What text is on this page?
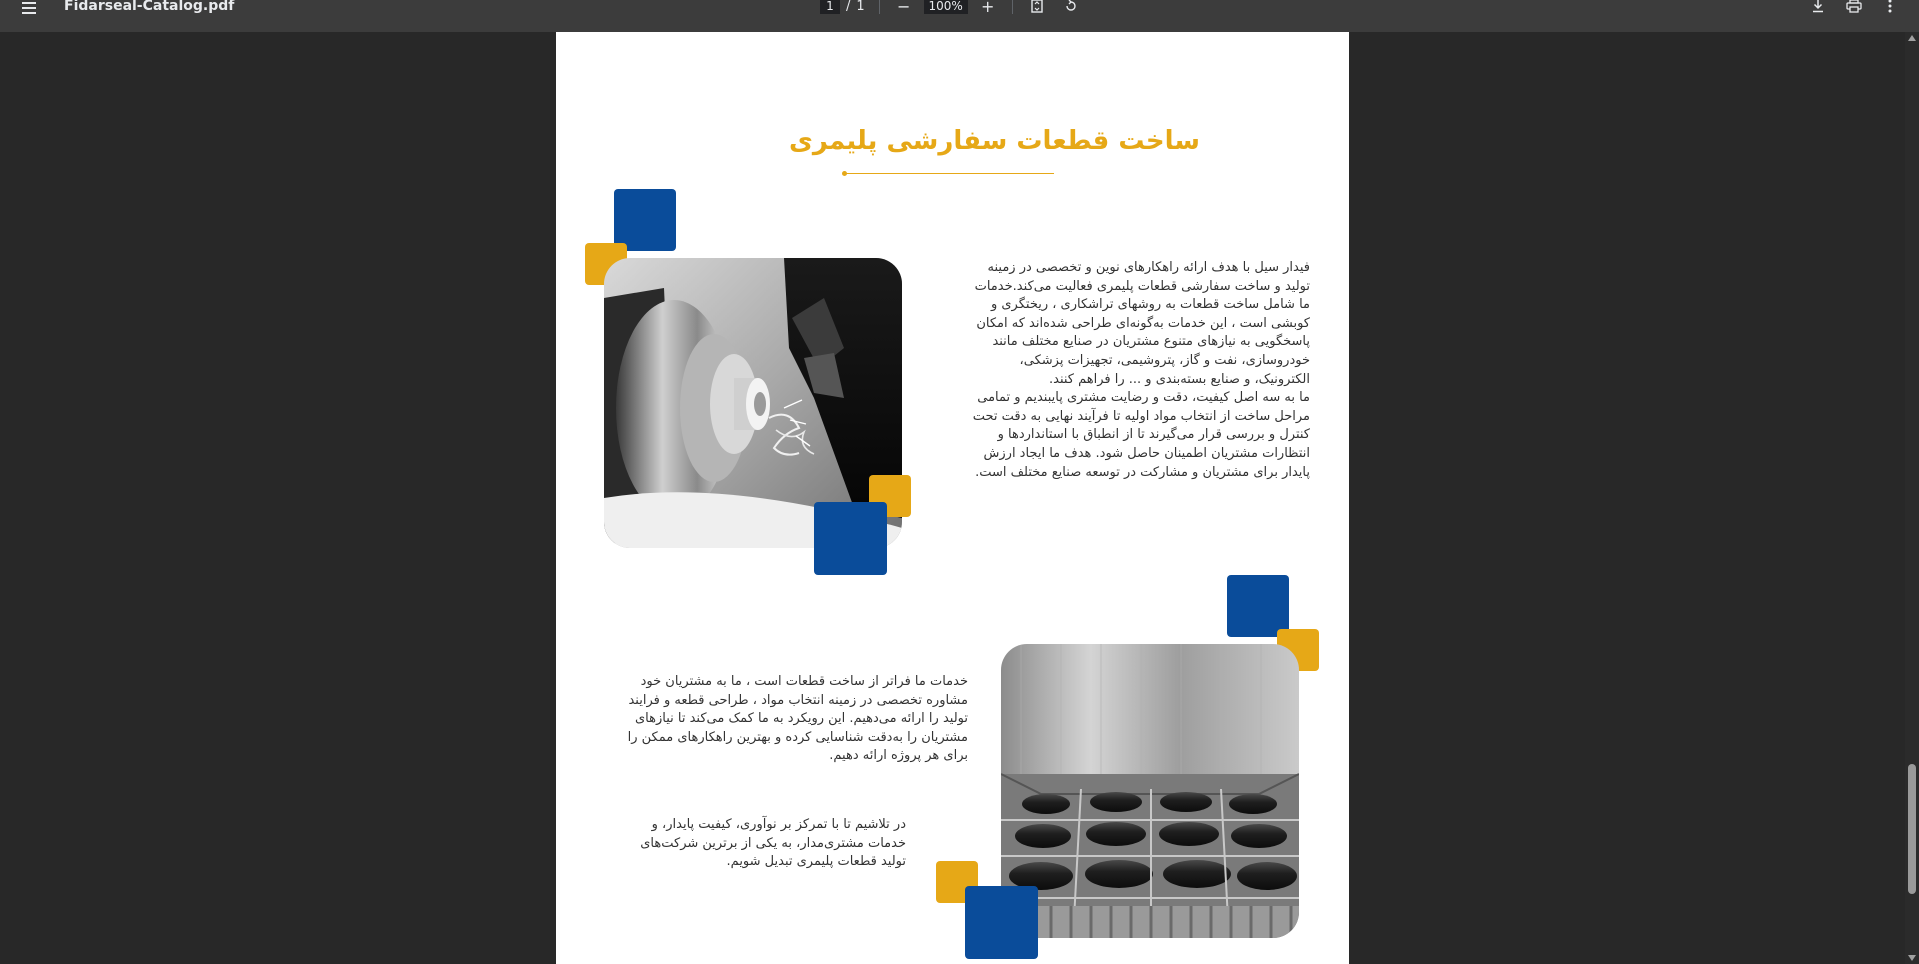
Fidarseal-Catalog.pdf
1	/ 1 −
100%	+
ساخت قطعات سفارشی پلیمری

فیدار سیل با هدف ارائه راهکارهای نوین و تخصصی در زمینه تولید و ساخت سفارشی قطعات پلیمری فعالیت می‌کند.خدمات ما شامل ساخت قطعات به روشهای تراشکاری ، ریختگری و کوبشی است ، این خدمات به‌گونه‌ای طراحی شده‌اند که امکان پاسخگویی به نیازهای متنوع مشتریان در صنایع مختلف مانند خودروسازی، نفت و گاز، پتروشیمی، تجهیزات پزشکی، الکترونیک، و صنایع بسته‌بندی و ... را فراهم کنند.

ما به سه اصل کیفیت، دقت و رضایت مشتری پایبندیم و تمامی مراحل ساخت از انتخاب مواد اولیه تا فرآیند نهایی به دقت تحت کنترل و بررسی قرار می‌گیرند تا از انطباق با استانداردها و انتظارات مشتریان اطمینان حاصل شود. هدف ما ایجاد ارزش پایدار برای مشتریان و مشارکت در توسعه صنایع مختلف است.

خدمات ما فراتر از ساخت قطعات است ، ما به مشتریان خود مشاوره تخصصی در زمینه انتخاب مواد ، طراحی قطعه و فرایند تولید را ارائه می‌دهیم. این رویکرد به ما کمک می‌کند تا نیازهای مشتریان را به‌دقت شناسایی کرده و بهترین راهکارهای ممکن را برای هر پروژه ارائه دهیم.
در تلاشیم تا با تمرکز بر نوآوری، کیفیت پایدار، و خدمات مشتری‌مدار، به یکی از برترین شرکت‌های تولید قطعات پلیمری تبدیل شویم.
